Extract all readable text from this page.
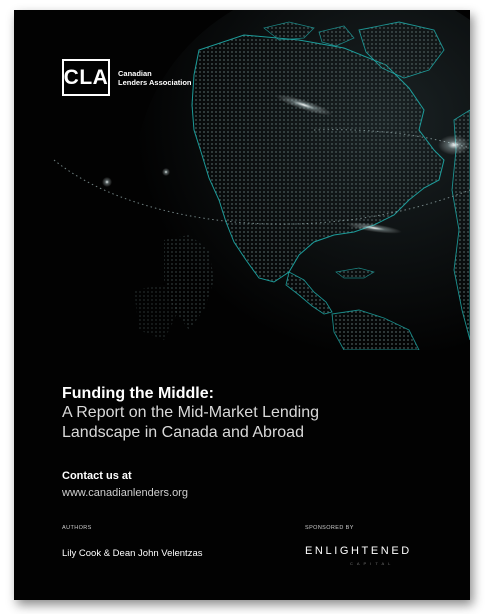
CLA Canadian
Lenders Association
Funding the Middle:
A Report on the Mid-Market Lending Landscape in Canada and Abroad
Contact us at
www.canadianlenders.org
AUTHORS
Lily Cook & Dean John Velentzas
SPONSORED BY
ENLIGHTENED
CAPITAL
